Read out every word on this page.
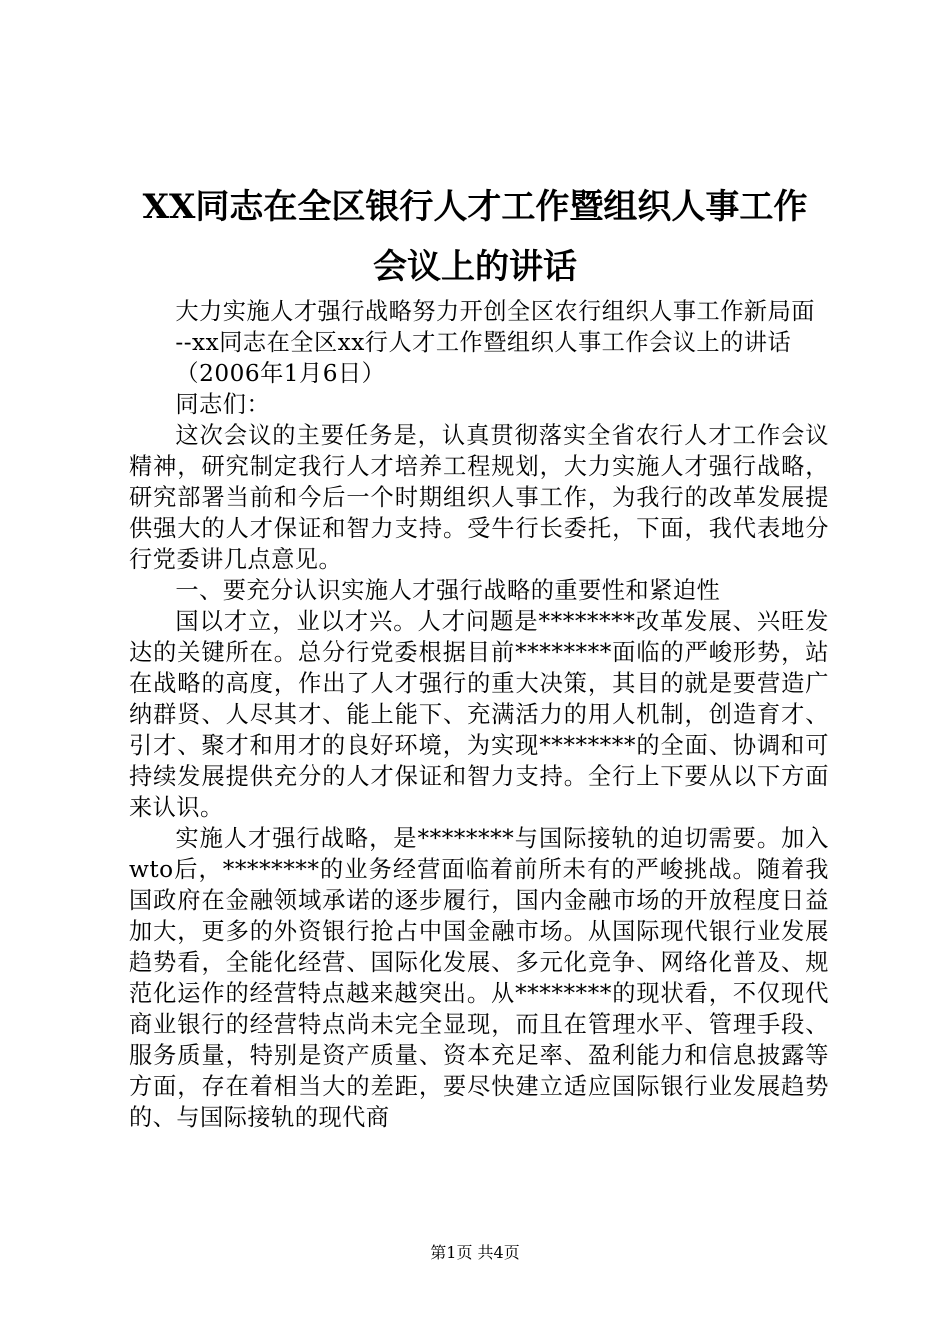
XX同志在全区银行人才工作暨组织人事工作
会议上的讲话

大力实施人才强行战略努力开创全区农行组织人事工作新局面

--xx同志在全区xx行人才工作暨组织人事工作会议上的讲话

（2006年1月6日）

同志们：

这次会议的主要任务是，认真贯彻落实全省农行人才工作会议精神，研究制定我行人才培养工程规划，大力实施人才强行战略，研究部署当前和今后一个时期组织人事工作，为我行的改革发展提供强大的人才保证和智力支持。受牛行长委托，下面，我代表地分行党委讲几点意见。

一、要充分认识实施人才强行战略的重要性和紧迫性

国以才立，业以才兴。人才问题是********改革发展、兴旺发达的关键所在。总分行党委根据目前********面临的严峻形势，站在战略的高度，作出了人才强行的重大决策，其目的就是要营造广纳群贤、人尽其才、能上能下、充满活力的用人机制，创造育才、引才、聚才和用才的良好环境，为实现********的全面、协调和可持续发展提供充分的人才保证和智力支持。全行上下要从以下方面来认识。

实施人才强行战略，是********与国际接轨的迫切需要。加入wto后，********的业务经营面临着前所未有的严峻挑战。随着我国政府在金融领域承诺的逐步履行，国内金融市场的开放程度日益加大，更多的外资银行抢占中国金融市场。从国际现代银行业发展趋势看，全能化经营、国际化发展、多元化竞争、网络化普及、规范化运作的经营特点越来越突出。从********的现状看，不仅现代商业银行的经营特点尚未完全显现，而且在管理水平、管理手段、服务质量，特别是资产质量、资本充足率、盈利能力和信息披露等方面，存在着相当大的差距，要尽快建立适应国际银行业发展趋势的、与国际接轨的现代商

第1页 共4页
